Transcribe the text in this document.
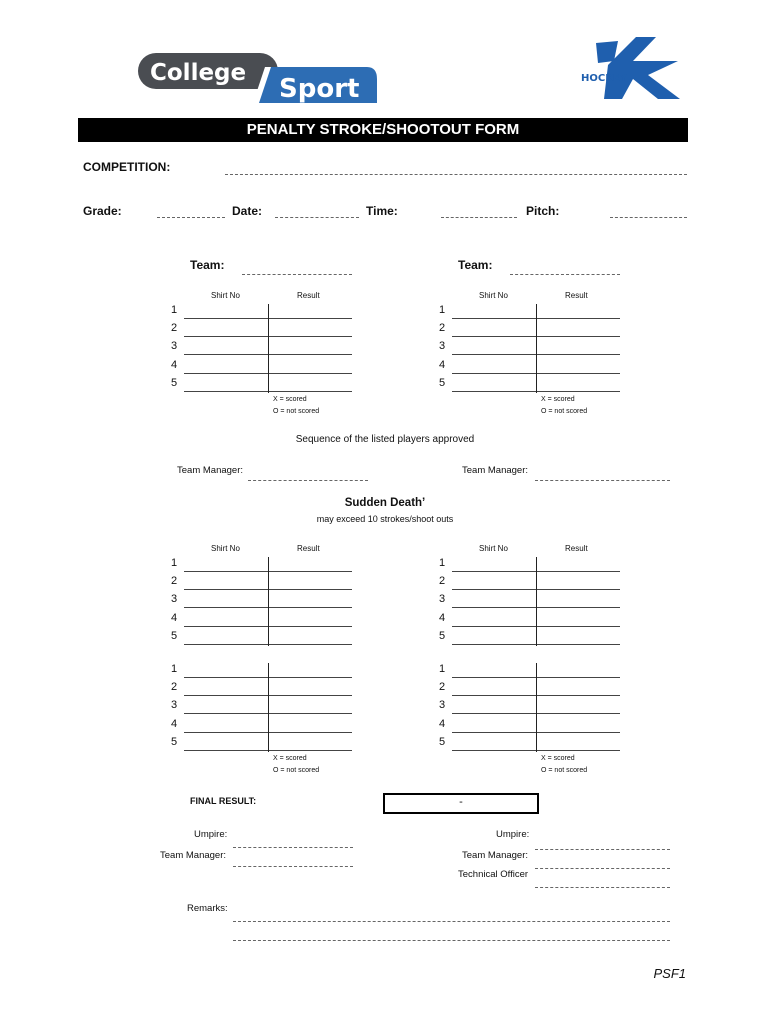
College
Sport	HOCKEY
PENALTY STROKE/SHOOTOUT FORM
COMPETITION:
Grade:	Date:	Time:	Pitch:
Team:	Team:
Shirt No	Result
1
2
3
4
5
X = scored
O = not scored
Shirt No	Result
1
2
3
4
5
X = scored
O = not scored
Shirt No	Result
1
2
3
4
5
Shirt No	Result
1
2
3
4
5
1
2
3
4
5
X = scored
O = not scored
1
2
3
4
5
X = scored
O = not scored
Sequence of the listed players approved
Team Manager:	Team Manager:
Sudden Death’
may exceed 10 strokes/shoot outs
FINAL RESULT:	-
Umpire:
Team Manager:
Umpire:
Team Manager:
Technical Officer
Remarks:
PSF1
